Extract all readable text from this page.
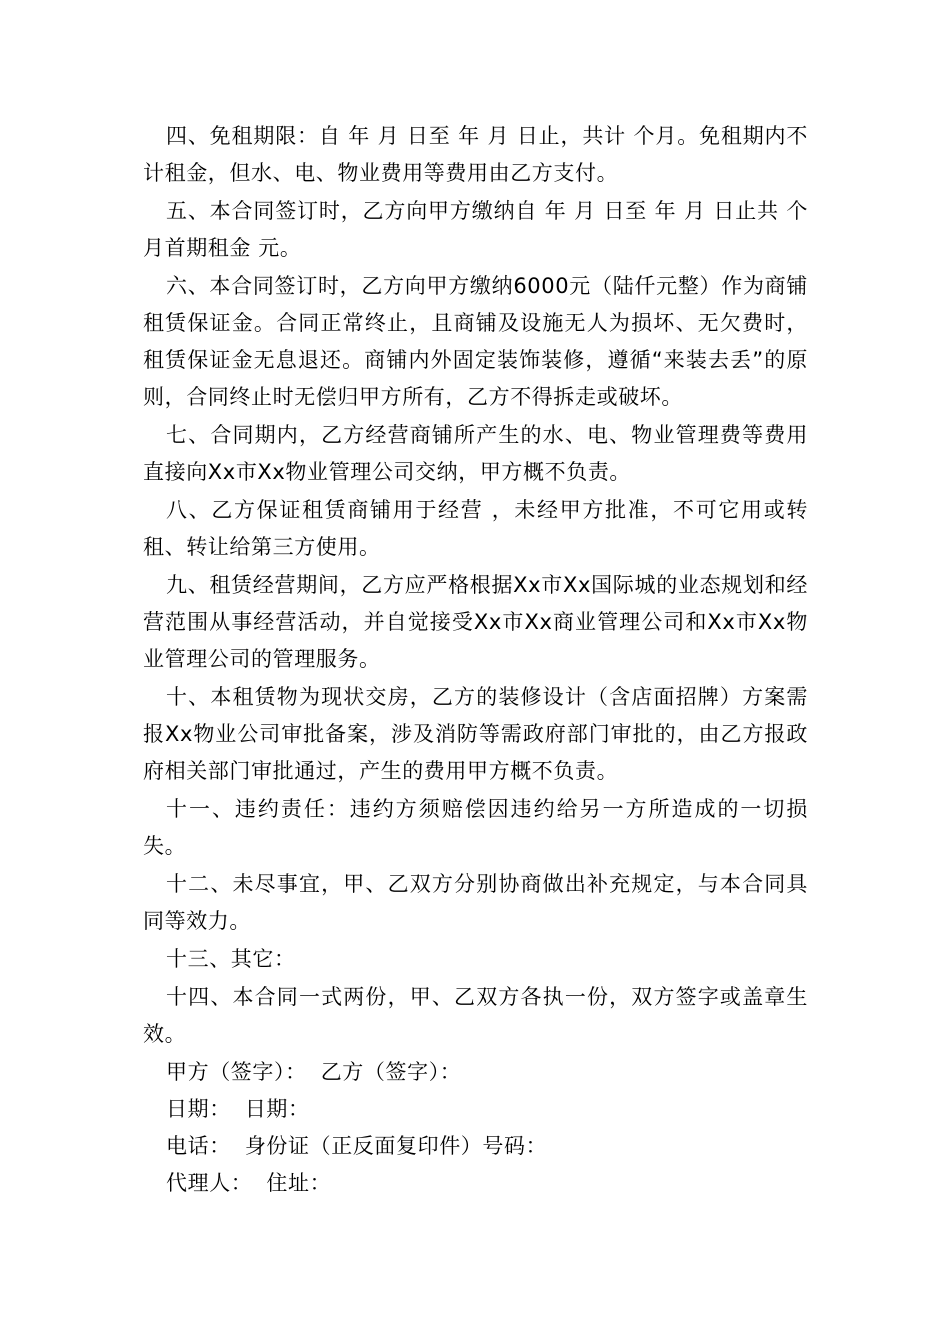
四、免租期限：自 年 月 日至 年 月 日止，共计 个月。免租期内不计租金，但水、电、物业费用等费用由乙方支付。

五、本合同签订时，乙方向甲方缴纳自 年 月 日至 年 月 日止共 个月首期租金 元。

六、本合同签订时，乙方向甲方缴纳6000元（陆仟元整）作为商铺租赁保证金。合同正常终止，且商铺及设施无人为损坏、无欠费时，租赁保证金无息退还。商铺内外固定装饰装修，遵循“来装去丢”的原则，合同终止时无偿归甲方所有，乙方不得拆走或破坏。

七、合同期内，乙方经营商铺所产生的水、电、物业管理费等费用直接向Xx市Xx物业管理公司交纳，甲方概不负责。

八、乙方保证租赁商铺用于经营 ，未经甲方批准，不可它用或转租、转让给第三方使用。

九、租赁经营期间，乙方应严格根据Xx市Xx国际城的业态规划和经营范围从事经营活动，并自觉接受Xx市Xx商业管理公司和Xx市Xx物业管理公司的管理服务。

十、本租赁物为现状交房，乙方的装修设计（含店面招牌）方案需报Xx物业公司审批备案，涉及消防等需政府部门审批的，由乙方报政府相关部门审批通过，产生的费用甲方概不负责。

十一、违约责任：违约方须赔偿因违约给另一方所造成的一切损失。

十二、未尽事宜，甲、乙双方分别协商做出补充规定，与本合同具同等效力。

十三、其它：

十四、本合同一式两份，甲、乙双方各执一份，双方签字或盖章生效。

甲方（签字）： 乙方（签字）：

日期： 日期：

电话： 身份证（正反面复印件）号码：

代理人： 住址：
